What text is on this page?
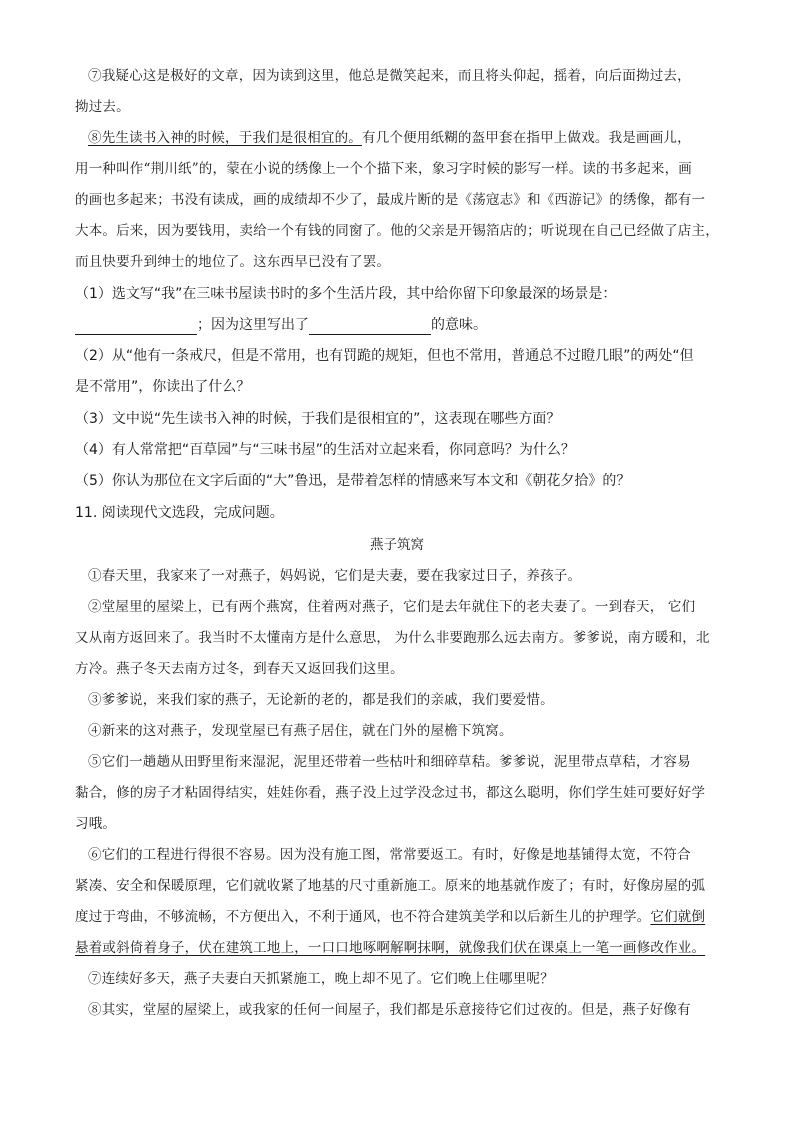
⑦我疑心这是极好的文章，因为读到这里，他总是微笑起来，而且将头仰起，摇着，向后面拗过去，
拗过去。
⑧先生读书入神的时候，于我们是很相宜的。有几个便用纸糊的盔甲套在指甲上做戏。我是画画儿，
用一种叫作“荆川纸”的，蒙在小说的绣像上一个个描下来，象习字时候的影写一样。读的书多起来，画
的画也多起来；书没有读成，画的成绩却不少了，最成片断的是《荡寇志》和《西游记》的绣像，都有一
大本。后来，因为要钱用，卖给一个有钱的同窗了。他的父亲是开锡箔店的；听说现在自己已经做了店主，
而且快要升到绅士的地位了。这东西早已没有了罢。
（1）选文写“我”在三味书屋读书时的多个生活片段，其中给你留下印象最深的场景是：
；因为这里写出了	的意味。
（2）从“他有一条戒尺，但是不常用，也有罚跪的规矩，但也不常用，普通总不过瞪几眼”的两处“但
是不常用”，你读出了什么？
（3）文中说“先生读书入神的时候，于我们是很相宜的”，这表现在哪些方面？
（4）有人常常把“百草园”与“三味书屋”的生活对立起来看，你同意吗？为什么？
（5）你认为那位在文字后面的“大”鲁迅，是带着怎样的情感来写本文和《朝花夕拾》的？
11. 阅读现代文选段，完成问题。
燕子筑窝
①春天里，我家来了一对燕子，妈妈说，它们是夫妻，要在我家过日子，养孩子。
②堂屋里的屋梁上，已有两个燕窝，住着两对燕子，它们是去年就住下的老夫妻了。一到春天， 它们
又从南方返回来了。我当时不太懂南方是什么意思， 为什么非要跑那么远去南方。爹爹说，南方暖和，北
方冷。燕子冬天去南方过冬，到春天又返回我们这里。
③爹爹说，来我们家的燕子，无论新的老的，都是我们的亲戚，我们要爱惜。
④新来的这对燕子，发现堂屋已有燕子居住，就在门外的屋檐下筑窝。
⑤它们一趟趟从田野里衔来湿泥，泥里还带着一些枯叶和细碎草秸。爹爹说，泥里带点草秸，才容易
黏合，修的房子才粘固得结实，娃娃你看，燕子没上过学没念过书，都这么聪明，你们学生娃可要好好学
习哦。
⑥它们的工程进行得很不容易。因为没有施工图，常常要返工。有时，好像是地基铺得太宽，不符合
紧凑、安全和保暖原理，它们就收紧了地基的尺寸重新施工。原来的地基就作废了；有时，好像房屋的弧
度过于弯曲，不够流畅，不方便出入，不利于通风，也不符合建筑美学和以后新生儿的护理学。它们就倒
悬着或斜倚着身子，伏在建筑工地上，一口口地啄啊解啊抹啊，就像我们伏在课桌上一笔一画修改作业。
⑦连续好多天，燕子夫妻白天抓紧施工，晚上却不见了。它们晚上住哪里呢？
⑧其实，堂屋的屋梁上，或我家的任何一间屋子，我们都是乐意接待它们过夜的。但是，燕子好像有
